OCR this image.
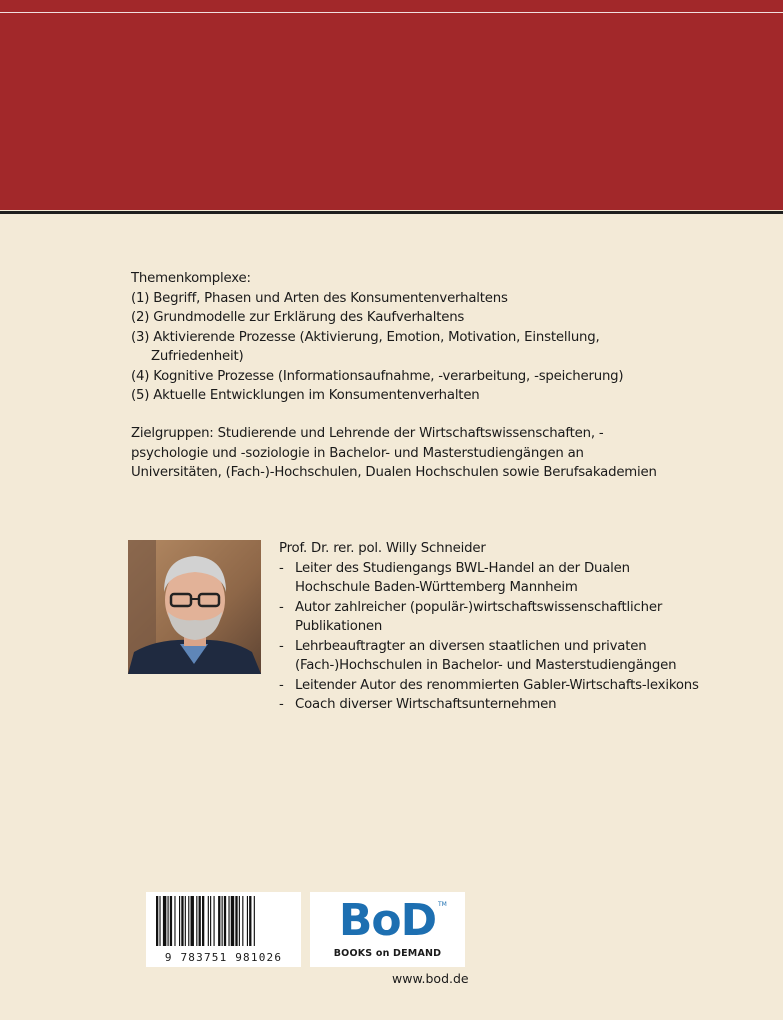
Themenkomplexe:
(1) Begriff, Phasen und Arten des Konsumentenverhaltens
(2) Grundmodelle zur Erklärung des Kaufverhaltens
(3) Aktivierende Prozesse (Aktivierung, Emotion, Motivation, Einstellung,
Zufriedenheit)
(4) Kognitive Prozesse (Informationsaufnahme, -verarbeitung, -speicherung)
(5) Aktuelle Entwicklungen im Konsumentenverhalten
Zielgruppen: Studierende und Lehrende der Wirtschaftswissenschaften, -psychologie und -soziologie in Bachelor- und Masterstudiengängen an Universitäten, (Fach-)-Hochschulen, Dualen Hochschulen sowie Berufsakademien
Prof. Dr. rer. pol. Willy Schneider
- Leiter des Studiengangs BWL-Handel an der Dualen Hochschule Baden-Württemberg Mannheim
- Autor zahlreicher (populär-)wirtschaftswissenschaftlicher Publikationen
- Lehrbeauftragter an diversen staatlichen und privaten (Fach-)Hochschulen in Bachelor- und Masterstudiengängen
- Leitender Autor des renommierten Gabler-Wirtschafts-lexikons
- Coach diverser Wirtschaftsunternehmen
9 783751 981026
BoD TM
BOOKS on DEMAND
www.bod.de
